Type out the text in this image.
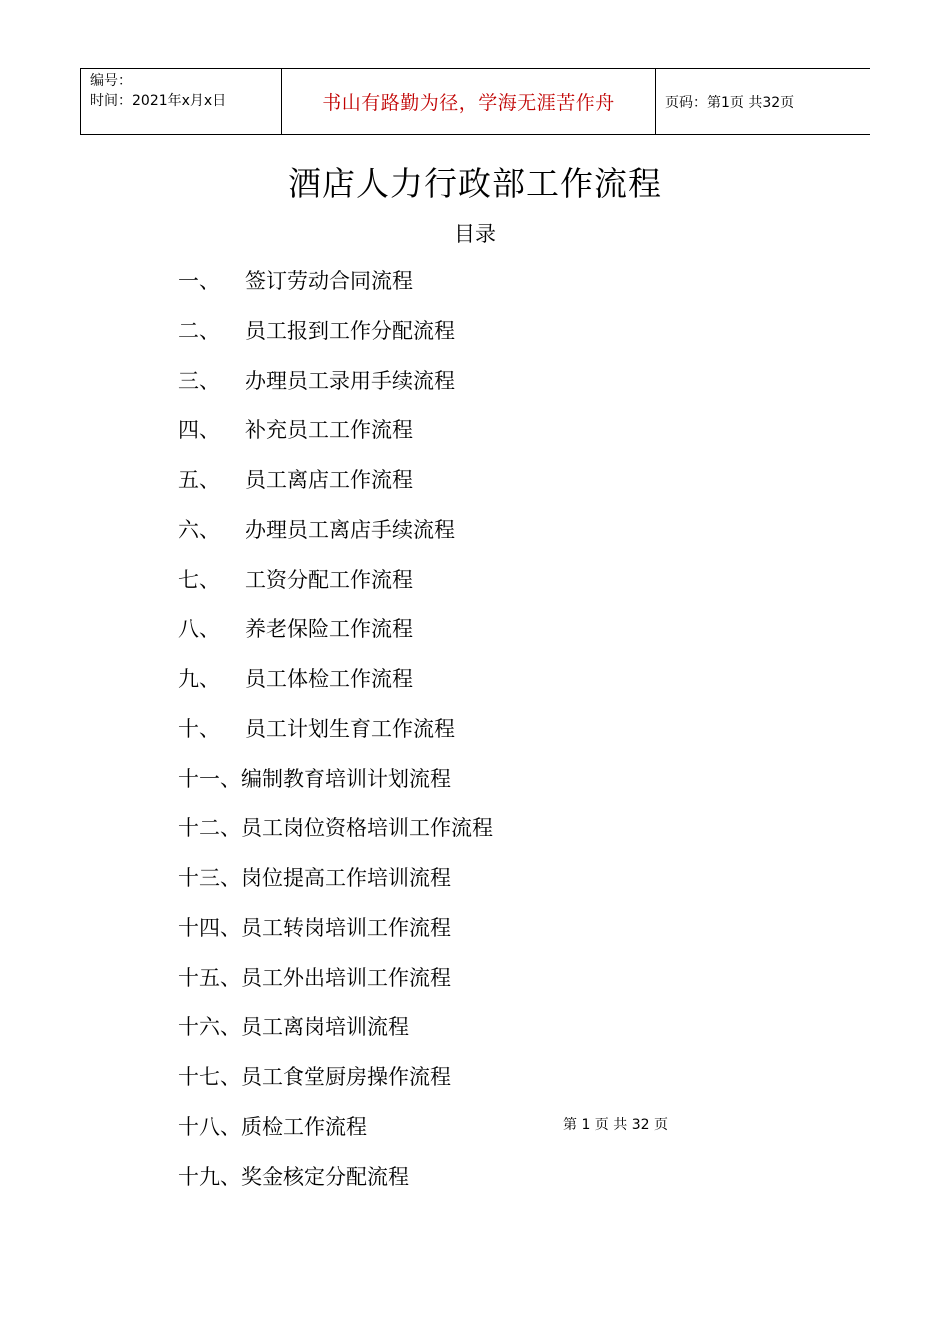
编号：
时间：2021年x月x日	书山有路勤为径，学海无涯苦作舟	页码：第1页 共32页
酒店人力行政部工作流程
目录
一、	签订劳动合同流程
二、	员工报到工作分配流程
三、	办理员工录用手续流程
四、	补充员工工作流程
五、	员工离店工作流程
六、	办理员工离店手续流程
七、	工资分配工作流程
八、	养老保险工作流程
九、	员工体检工作流程
十、	员工计划生育工作流程
十一、 编制教育培训计划流程
十二、 员工岗位资格培训工作流程
十三、 岗位提高工作培训流程
十四、 员工转岗培训工作流程
十五、 员工外出培训工作流程
十六、 员工离岗培训流程
十七、 员工食堂厨房操作流程
十八、 质检工作流程
十九、 奖金核定分配流程
第 1 页 共 32 页
